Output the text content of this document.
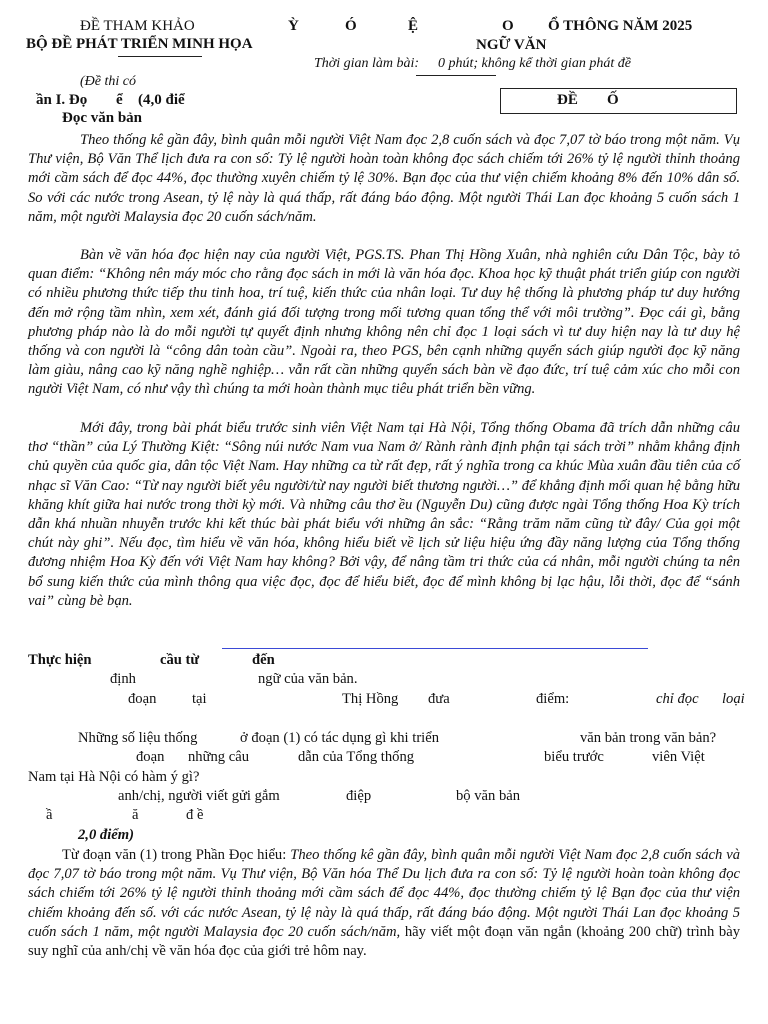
ĐỀ THAM KHẢO
BỘ ĐỀ PHÁT TRIỂN MINH HỌA
Ỳ	Ó	Ệ	O Ổ THÔNG NĂM 2025
NGỮ VĂN
Thời gian làm bài: 0 phút; không kể thời gian phát đề
(Đề thi có
ần I. Đọ ể (4,0 điể
Đọc văn bản
ĐỀ Ố
Theo thống kê gần đây, bình quân mỗi người Việt Nam đọc 2,8 cuốn sách và đọc 7,07 tờ báo trong một năm. Vụ Thư viện, Bộ Văn Thể lịch đưa ra con số: Tỷ lệ người hoàn toàn không đọc sách chiếm tới 26% tỷ lệ người thỉnh thoảng mới cầm sách để đọc 44%, đọc thường xuyên chiếm tỷ lệ 30%. Bạn đọc của thư viện chiếm khoảng 8% đến 10% dân số. So với các nước trong Asean, tỷ lệ này là quá thấp, rất đáng báo động. Một người Thái Lan đọc khoảng 5 cuốn sách 1 năm, một người Malaysia đọc 20 cuốn sách/năm.
Bàn về văn hóa đọc hiện nay của người Việt, PGS.TS. Phan Thị Hồng Xuân, nhà nghiên cứu Dân Tộc, bày tỏ quan điểm: “Không nên máy móc cho rằng đọc sách in mới là văn hóa đọc. Khoa học kỹ thuật phát triển giúp con người có nhiều phương thức tiếp thu tinh hoa, trí tuệ, kiến thức của nhân loại. Tư duy hệ thống là phương pháp tư duy hướng đến mở rộng tầm nhìn, xem xét, đánh giá đối tượng trong mối tương quan tổng thể với môi trường”. Đọc cái gì, bằng phương pháp nào là do mỗi người tự quyết định nhưng không nên chỉ đọc 1 loại sách vì tư duy hiện nay là tư duy hệ thống và con người là “công dân toàn cầu”. Ngoài ra, theo PGS, bên cạnh những quyển sách giúp người đọc kỹ năng làm giàu, nâng cao kỹ năng nghề nghiệp… vẫn rất cần những quyển sách bàn về đạo đức, trí tuệ cảm xúc cho mỗi con người Việt Nam, có như vậy thì chúng ta mới hoàn thành mục tiêu phát triển bền vững.
Mới đây, trong bài phát biểu trước sinh viên Việt Nam tại Hà Nội, Tổng thống Obama đã trích dẫn những câu thơ “thần” của Lý Thường Kiệt: “Sông núi nước Nam vua Nam ở/ Rành rành định phận tại sách trời” nhằm khẳng định chủ quyền của quốc gia, dân tộc Việt Nam. Hay những ca từ rất đẹp, rất ý nghĩa trong ca khúc Mùa xuân đầu tiên của cố nhạc sĩ Văn Cao: “Từ nay người biết yêu người/từ nay người biết thương người…” để khẳng định mối quan hệ bằng hữu khăng khít giữa hai nước trong thời kỳ mới. Và những câu thơ ều (Nguyễn Du) cũng được ngài Tổng thống Hoa Kỳ trích dẫn khá nhuần nhuyễn trước khi kết thúc bài phát biểu với những ân sắc: “Rằng trăm năm cũng từ đây/ Của gọi một chút này ghi”. Nếu đọc, tìm hiểu về văn hóa, không hiểu biết về lịch sử liệu hiệu ứng đầy năng lượng của Tổng thống đương nhiệm Hoa Kỳ đến với Việt Nam hay không? Bởi vậy, để nâng tầm tri thức của cá nhân, mỗi người chúng ta nên bổ sung kiến thức của mình thông qua việc đọc, đọc để hiểu biết, đọc để mình không bị lạc hậu, lỗi thời, đọc để “sánh vai” cùng bè bạn.
Thực hiện	cầu từ	đến
định	ngữ của văn bản.
đoạn tại	Thị Hồng đưa	điểm:	chỉ đọc loại
Những số liệu thống	ở đoạn (1) có tác dụng gì khi triển	văn bản trong văn bản?
đoạn những câu	dẫn của Tổng thống	biểu trước	viên Việt
Nam tại Hà Nội có hàm ý gì?
anh/chị, người viết gửi gắm	điệp	bộ văn bản
ầ	ă	đ ề
2,0 điểm)
Từ đoạn văn (1) trong Phần Đọc hiểu: Theo thống kê gần đây, bình quân mỗi người Việt Nam đọc 2,8 cuốn sách và đọc 7,07 tờ báo trong một năm. Vụ Thư viện, Bộ Văn hóa Thể Du lịch đưa ra con số: Tỷ lệ người hoàn toàn không đọc sách chiếm tới 26% tỷ lệ người thỉnh thoảng mới cầm sách để đọc 44%, đọc thường chiếm tỷ lệ Bạn đọc của thư viện chiếm khoảng đến số. với các nước Asean, tỷ lệ này là quá thấp, rất đáng báo động. Một người Thái Lan đọc khoảng 5 cuốn sách 1 năm, một người Malaysia đọc 20 cuốn sách/năm, hãy viết một đoạn văn ngắn (khoảng 200 chữ) trình bày suy nghĩ của anh/chị về văn hóa đọc của giới trẻ hôm nay.
